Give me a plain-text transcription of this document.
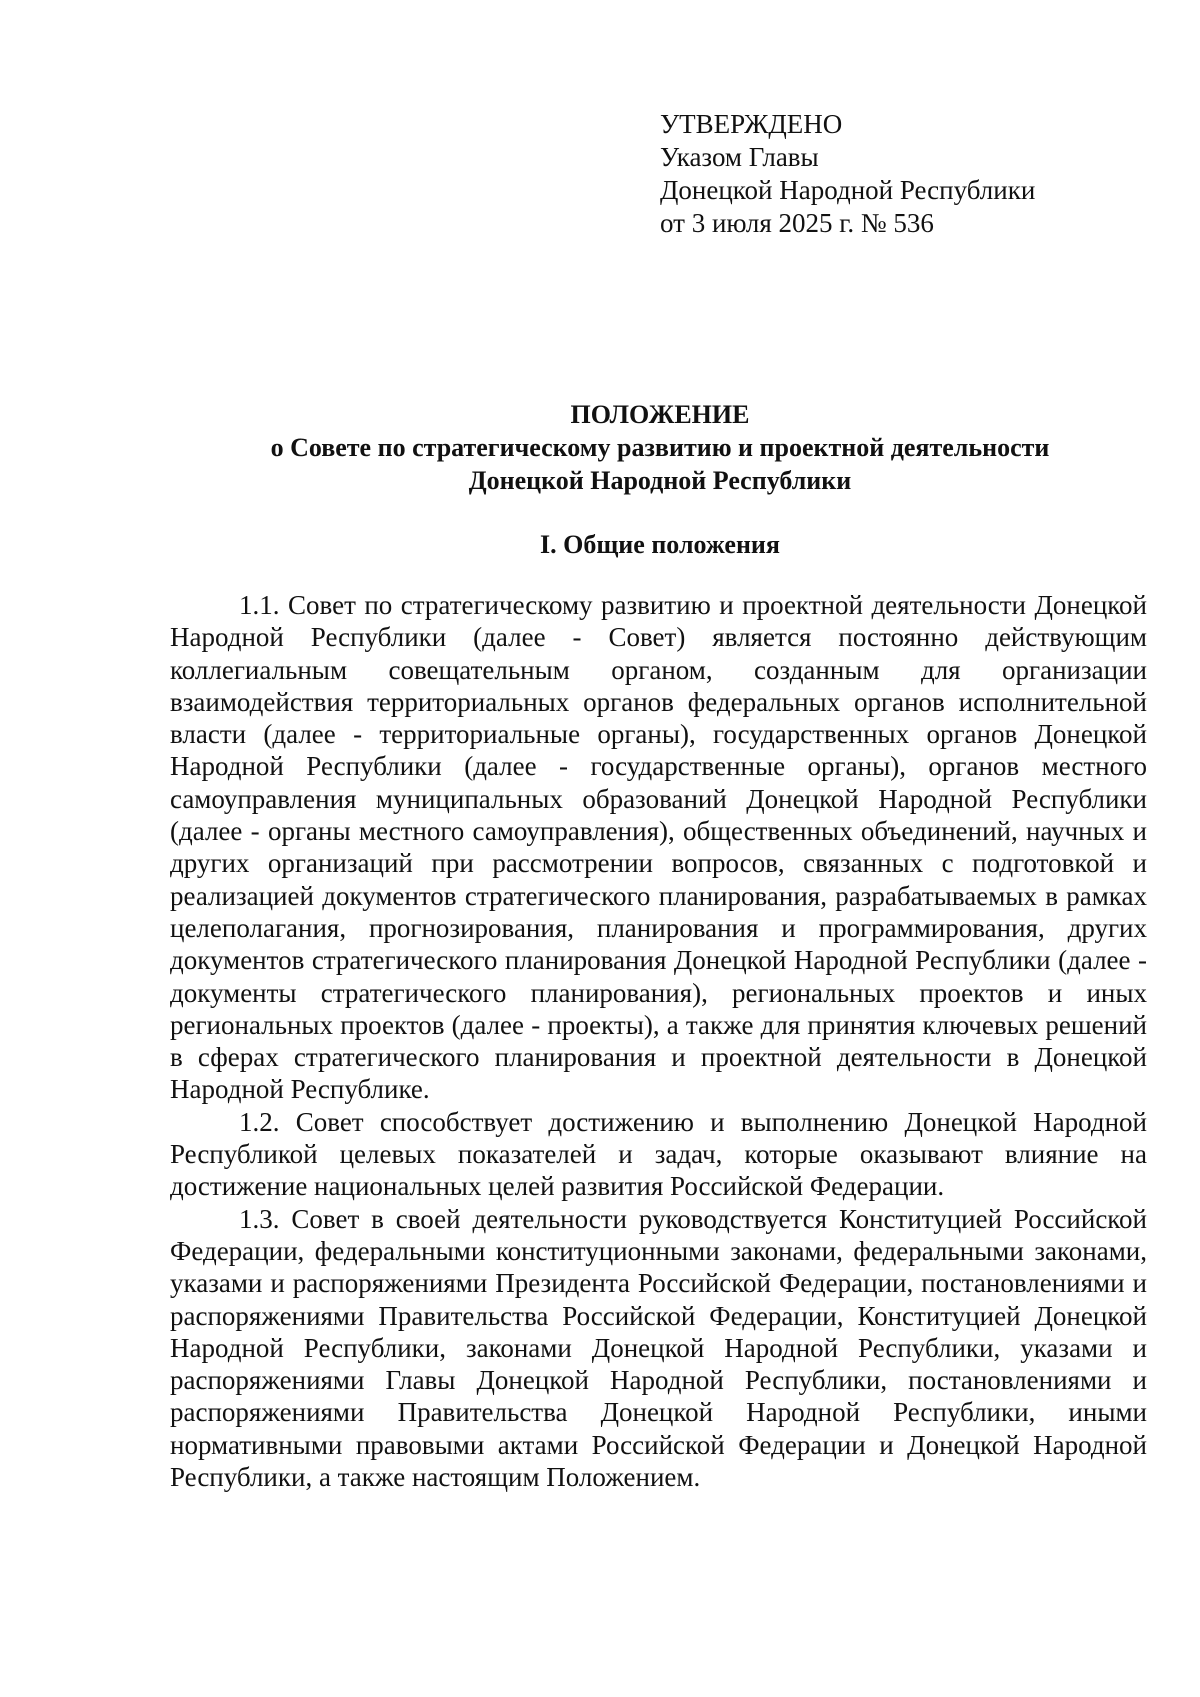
УТВЕРЖДЕНО
Указом Главы
Донецкой Народной Республики
от 3 июля 2025 г. № 536
ПОЛОЖЕНИЕ
о Совете по стратегическому развитию и проектной деятельности
Донецкой Народной Республики
I. Общие положения

1.1. Совет по стратегическому развитию и проектной деятельности Донецкой Народной Республики (далее - Совет) является постоянно действующим коллегиальным совещательным органом, созданным для организации взаимодействия территориальных органов федеральных органов исполнительной власти (далее - территориальные органы), государственных органов Донецкой Народной Республики (далее - государственные органы), органов местного самоуправления муниципальных образований Донецкой Народной Республики (далее - органы местного самоуправления), общественных объединений, научных и других организаций при рассмотрении вопросов, связанных с подготовкой и реализацией документов стратегического планирования, разрабатываемых в рамках целеполагания, прогнозирования, планирования и программирования, других документов стратегического планирования Донецкой Народной Республики (далее - документы стратегического планирования), региональных проектов и иных региональных проектов (далее - проекты), а также для принятия ключевых решений в сферах стратегического планирования и проектной деятельности в Донецкой Народной Республике.

1.2. Совет способствует достижению и выполнению Донецкой Народной Республикой целевых показателей и задач, которые оказывают влияние на достижение национальных целей развития Российской Федерации.

1.3. Совет в своей деятельности руководствуется Конституцией Российской Федерации, федеральными конституционными законами, федеральными законами, указами и распоряжениями Президента Российской Федерации, постановлениями и распоряжениями Правительства Российской Федерации, Конституцией Донецкой Народной Республики, законами Донецкой Народной Республики, указами и распоряжениями Главы Донецкой Народной Республики, постановлениями и распоряжениями Правительства Донецкой Народной Республики, иными нормативными правовыми актами Российской Федерации и Донецкой Народной Республики, а также настоящим Положением.
